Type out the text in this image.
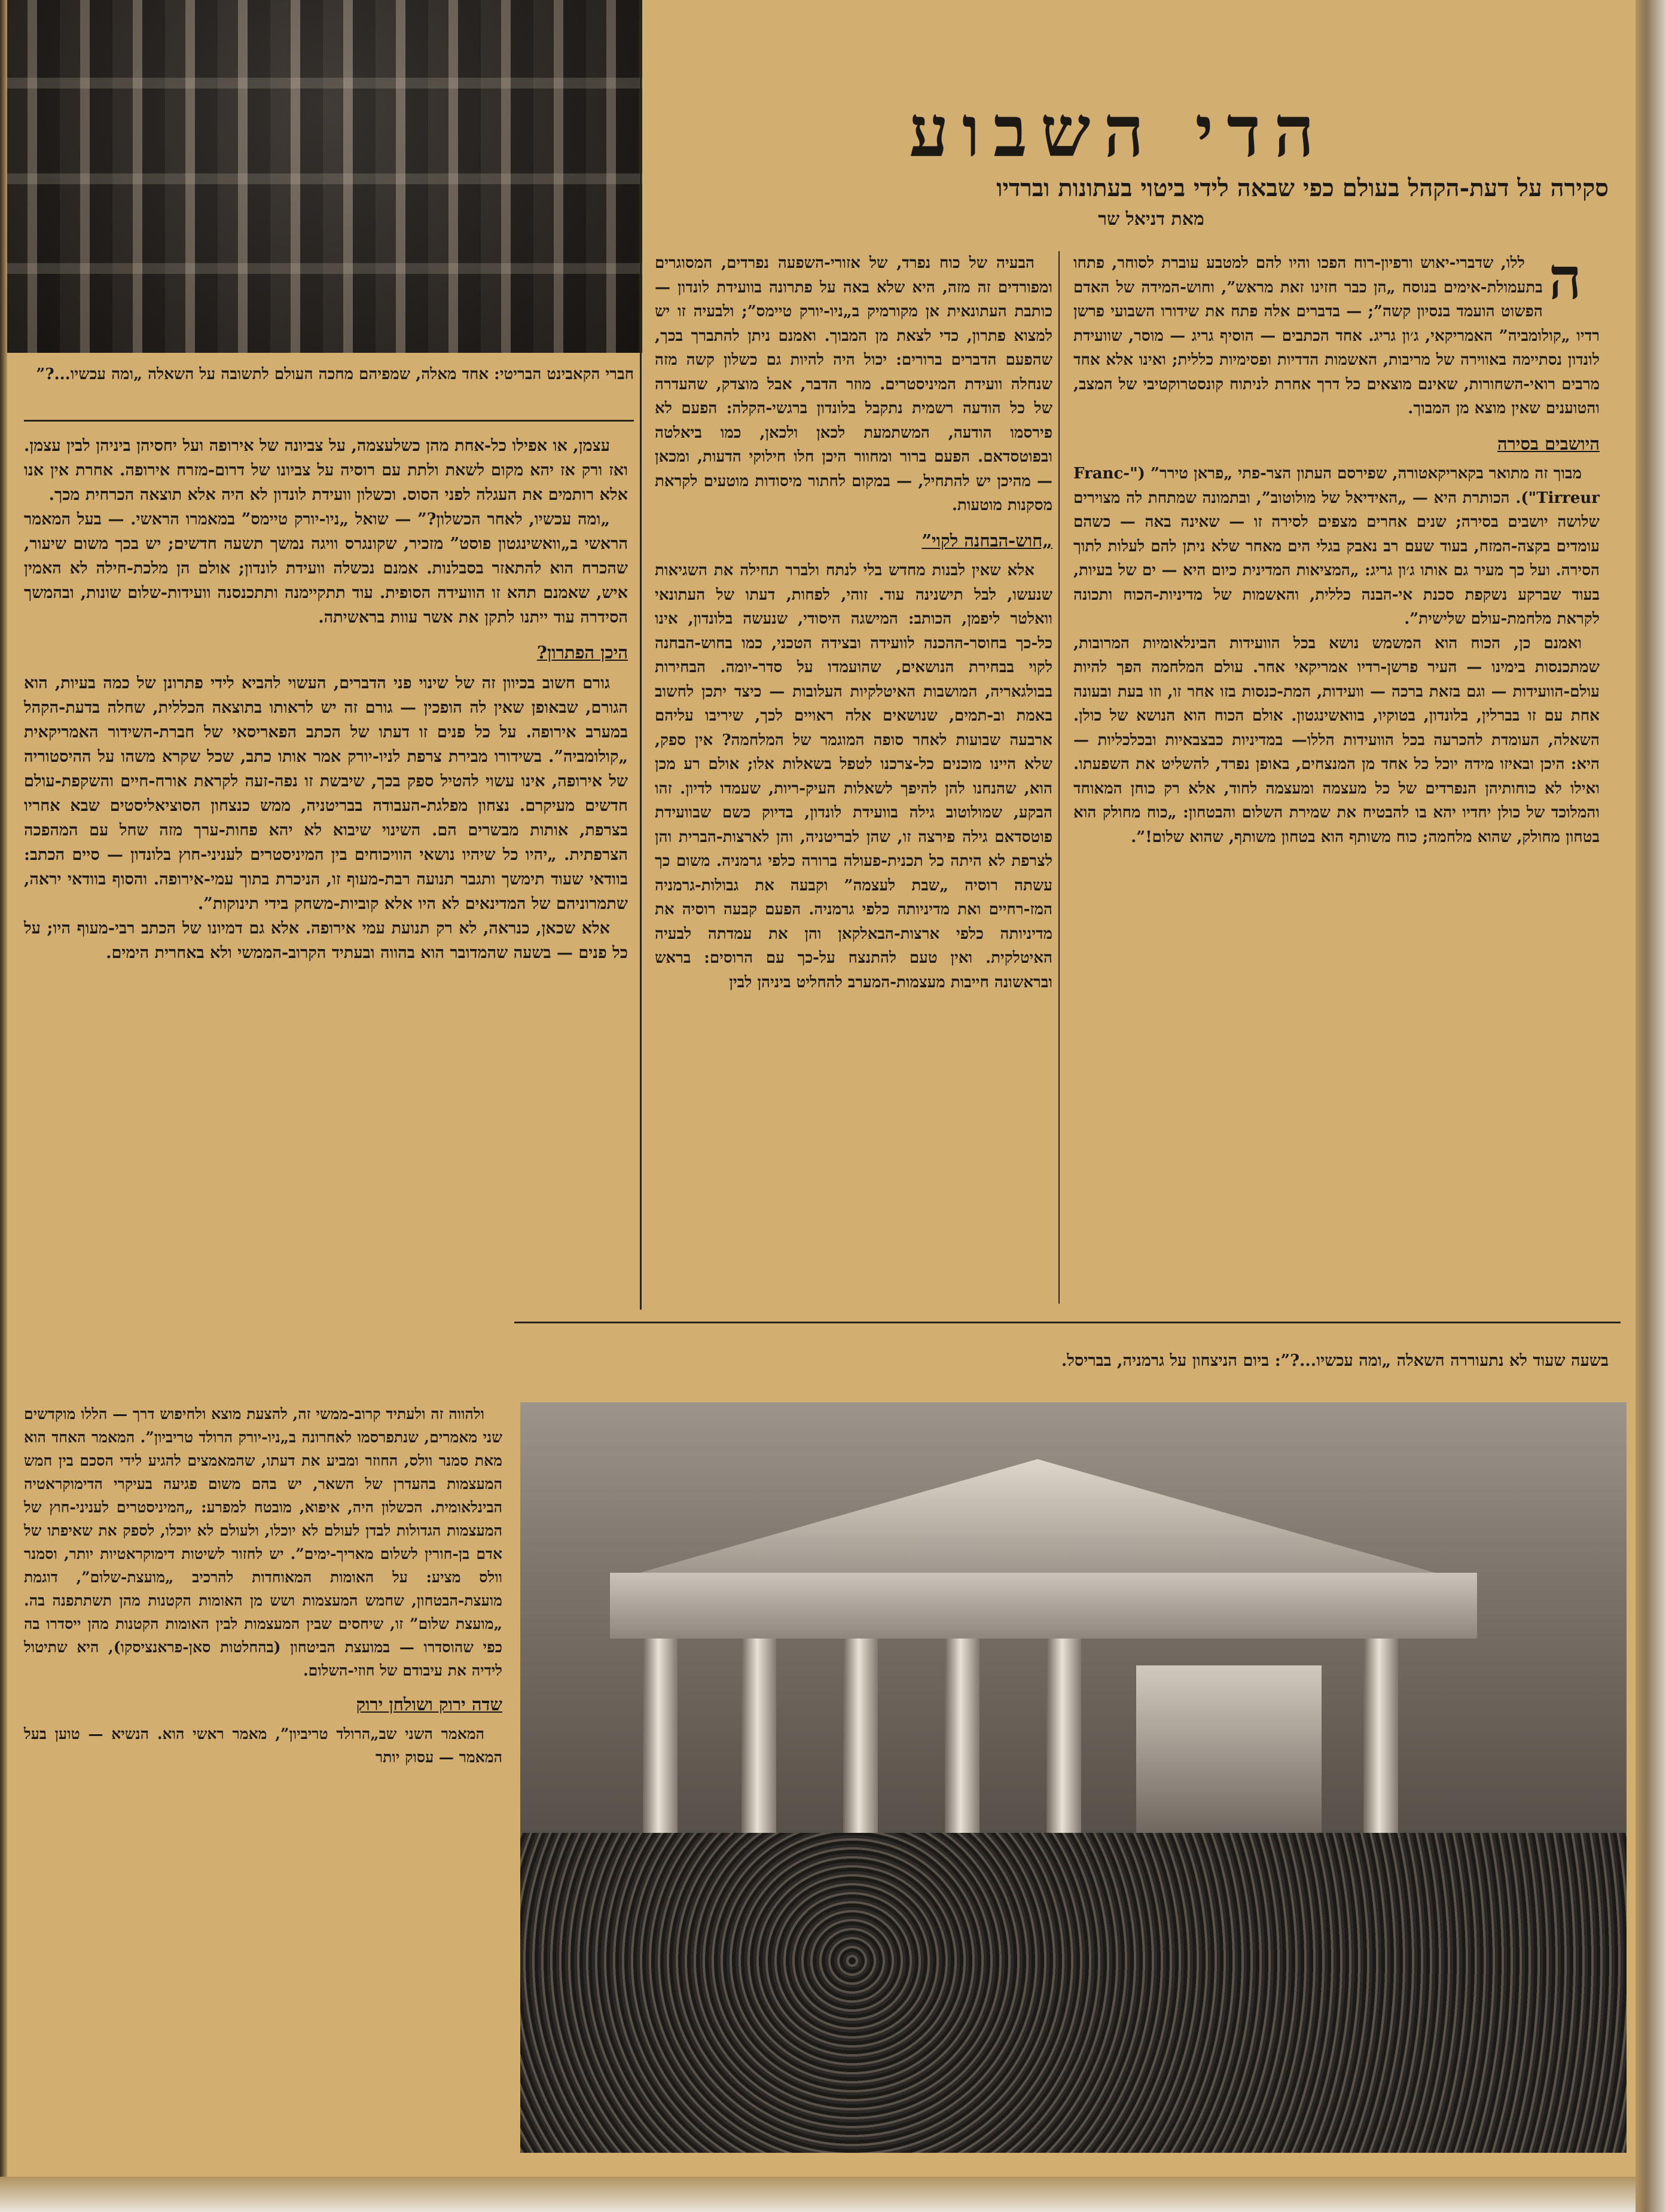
חברי הקאבינט הבריטי: אחד מאלה, שמפיהם מחכה העולם לתשובה על השאלה „ומה עכשיו...?”
הדי השבוע
סקירה על דעת-הקהל בעולם כפי שבאה לידי ביטוי בעתונות וברדיו
מאת דניאל שר

ה
ללו, שדברי-יאוש ורפיון-רוח הפכו והיו להם למטבע עוברת לסוחר, פתחו בתעמולת-אימים בנוסח „הן כבר חזינו זאת מראש”, וחוש-המידה של האדם הפשוט הועמד בנסיון קשה”; — בדברים אלה פתח את שידורו השבועי פרשן רדיו „קולומביה” האמריקאי, ג׳ון גריג. אחד הכתבים — הוסיף גריג — מוסר, שוועידת לונדון נסתיימה באווירה של מריבות, האשמות הדדיות ופסימיות כללית; ואינו אלא אחד מרבים רואי-השחורות, שאינם מוצאים כל דרך אחרת לניתוח קונסטרוקטיבי של המצב, והטוענים שאין מוצא מן המבוך.

היושבים בסירה

מבוך זה מתואר בקאריקאטורה, שפירסם העתון הצר-פתי „פראן טירר” ("Franc-Tirreur"). הכותרת היא — „האידיאל של מולוטוב”, ובתמונה שמתחת לה מצוירים שלושה יושבים בסירה; שנים אחרים מצפים לסירה זו — שאינה באה — כשהם עומדים בקצה-המזח, בעוד שעם רב נאבק בגלי הים מאחר שלא ניתן להם לעלות לתוך הסירה. ועל כך מעיר גם אותו ג׳ון גריג: „המציאות המדינית כיום היא — ים של בעיות, בעוד שברקע נשקפת סכנת אי-הבנה כללית, והאשמות של מדיניות-הכוח ותכונה לקראת מלחמת-עולם שלישית”.

ואמנם כן, הכוח הוא המשמש נושא בכל הוועידות הבינלאומיות המרובות, שמתכנסות בימינו — העיר פרשן-רדיו אמריקאי אחר. עולם המלחמה הפך להיות עולם-הוועידות — וגם בזאת ברכה — וועידות, המת-כנסות בזו אחר זו, וזו בעת ובעונה אחת עם זו בברלין, בלונדון, בטוקיו, בוואשינגטון. אולם הכוח הוא הנושא של כולן. השאלה, העומדת להכרעה בכל הוועידות הללו— במדיניות כבצבאיות ובכלכליות — היא: היכן ובאיזו מידה יוכל כל אחד מן המנצחים, באופן נפרד, להשליט את השפעתו. ואילו לא כוחותיהן הנפרדים של כל מעצמה ומעצמה לחוד, אלא רק כוחן המאוחד והמלוכד של כולן יחדיו יהא בו להבטיח את שמירת השלום והבטחון: „כוח מחולק הוא בטחון מחולק, שהוא מלחמה; כוח משותף הוא בטחון משותף, שהוא שלום!”.

הבעיה של כוח נפרד, של אזורי-השפעה נפרדים, המסוגרים ומפורדים זה מזה, היא שלא באה על פתרונה בוועידת לונדון — כותבת העתונאית אן מקורמיק ב„ניו-יורק טיימס”; ולבעיה זו יש למצוא פתרון, כדי לצאת מן המבוך. ואמנם ניתן להתברך בכך, שהפעם הדברים ברורים: יכול היה להיות גם כשלון קשה מזה שנחלה וועידת המיניסטרים. מוזר הדבר, אבל מוצדק, שהעדרה של כל הודעה רשמית נתקבל בלונדון ברגשי-הקלה: הפעם לא פירסמו הודעה, המשתמעת לכאן ולכאן, כמו ביאלטה ובפוטסדאם. הפעם ברור ומחוור היכן חלו חילוקי הדעות, ומכאן — מהיכן יש להתחיל, — במקום לחתור מיסודות מוטעים לקראת מסקנות מוטעות.

„חוש-הבחנה לקוי”

אלא שאין לבנות מחדש בלי לנתח ולברר תחילה את השגיאות שנעשו, לבל תישנינה עוד. זוהי, לפחות, דעתו של העתונאי וואלטר ליפמן, הכותב: המישגה היסודי, שנעשה בלונדון, אינו כל-כך בחוסר-ההכנה לוועידה ובצידה הטכני, כמו בחוש-הבחנה לקוי בבחירת הנושאים, שהועמדו על סדר-יומה. הבחירות בבולגאריה, המושבות האיטלקיות העלובות — כיצד יתכן לחשוב באמת וב-תמים, שנושאים אלה ראויים לכך, שיריבו עליהם ארבעה שבועות לאחר סופה המוגמר של המלחמה? אין ספק, שלא היינו מוכנים כל-צרכנו לטפל בשאלות אלו; אולם רע מכן הוא, שהנחנו להן להיפך לשאלות העיק-ריות, שעמדו לדיון. זהו הבקע, שמולוטוב גילה בוועידת לונדון, בדיוק כשם שבוועידת פוטסדאם גילה פירצה זו, שהן לבריטניה, והן לארצות-הברית והן לצרפת לא היתה כל תכנית-פעולה ברורה כלפי גרמניה. משום כך עשתה רוסיה „שבת לעצמה” וקבעה את גבולות-גרמניה המז-רחיים ואת מדיניותה כלפי גרמניה. הפעם קבעה רוסיה את מדיניותה כלפי ארצות-הבאלקאן והן את עמדתה לבעיה האיטלקית. ואין טעם להתנצח על-כך עם הרוסים: בראש ובראשונה חייבות מעצמות-המערב להחליט ביניהן לבין

עצמן, או אפילו כל-אחת מהן כשלעצמה, על צביונה של אירופה ועל יחסיהן ביניהן לבין עצמן. ואז ורק אז יהא מקום לשאת ולתת עם רוסיה על צביונו של דרום-מזרח אירופה. אחרת אין אנו אלא רותמים את העגלה לפני הסוס. וכשלון וועידת לונדון לא היה אלא תוצאה הכרחית מכך.

„ומה עכשיו, לאחר הכשלון?” — שואל „ניו-יורק טיימס” במאמרו הראשי. — בעל המאמר הראשי ב„וואשינגטון פוסט” מזכיר, שקונגרס וויגה נמשך תשעה חדשים; יש בכך משום שיעור, שהכרח הוא להתאזר בסבלנות. אמנם נכשלה וועידת לונדון; אולם הן מלכת-חילה לא האמין איש, שאמנם תהא זו הוועידה הסופית. עוד תתקיימנה ותתכנסנה וועידות-שלום שונות, ובהמשך הסידרה עוד ייתנו לתקן את אשר עוות בראשיתה.

היכן הפתרון?

גורם חשוב בכיוון זה של שינוי פני הדברים, העשוי להביא לידי פתרונן של כמה בעיות, הוא הגורם, שבאופן שאין לה הופכין — גורם זה יש לראותו בתוצאה הכללית, שחלה בדעת-הקהל במערב אירופה. על כל פנים זו דעתו של הכתב הפאריסאי של חברת-השידור האמריקאית „קולומביה”. בשידורו מבירת צרפת לניו-יורק אמר אותו כתב, שכל שקרא משהו על ההיסטוריה של אירופה, אינו עשוי להטיל ספק בכך, שיבשת זו נפה-זעה לקראת אורח-חיים והשקפת-עולם חדשים מעיקרם. נצחון מפלגת-העבודה בבריטניה, ממש כנצחון הסוציאליסטים שבא אחריו בצרפת, אותות מבשרים הם. השינוי שיבוא לא יהא פחות-ערך מזה שחל עם המהפכה הצרפתית. „יהיו כל שיהיו נושאי הוויכוחים בין המיניסטרים לעניני-חוץ בלונדון — סיים הכתב: בוודאי שעוד תימשך ותגבר תנועה רבת-מעוף זו, הניכרת בתוך עמי-אירופה. והסוף בוודאי יראה, שתמרוניהם של המדינאים לא היו אלא קוביות-משחק בידי תינוקות”.

אלא שכאן, כנראה, לא רק תנועת עמי אירופה. אלא גם דמיונו של הכתב רבי-מעוף היו; על כל פנים — בשעה שהמדובר הוא בהווה ובעתיד הקרוב-הממשי ולא באחרית הימים.

בשעה שעוד לא נתעוררה השאלה „ומה עכשיו...?”: ביום הניצחון על גרמניה, בבריסל.

ולהווה זה ולעתיד קרוב-ממשי זה, להצעת מוצא ולחיפוש דרך — הללו מוקדשים שני מאמרים, שנתפרסמו לאחרונה ב„ניו-יורק הרולד טריביון”. המאמר האחד הוא מאת סמנר וולס, החוזר ומביע את דעתו, שהמאמצים להגיע לידי הסכם בין חמש המעצמות בהעדרן של השאר, יש בהם משום פגיעה בעיקרי הדימוקראטיה הבינלאומית. הכשלון היה, איפוא, מובטח למפרע: „המיניסטרים לעניני-חוץ של המעצמות הגדולות לבדן לעולם לא יוכלו, ולעולם לא יוכלו, לספק את שאיפתו של אדם בן-חורין לשלום מאריך-ימים”. יש לחזור לשיטות דימוקראטיות יותר, וסמנר וולס מציע: על האומות המאוחדות להרכיב „מועצת-שלום”, דוגמת מועצת-הבטחון, שחמש המעצמות ושש מן האומות הקטנות מהן תשתתפנה בה. „מועצת שלום” זו, שיחסים שבין המעצמות לבין האומות הקטנות מהן ייסדרו בה כפי שהוסדרו — במועצת הביטחון (בהחלטות סאן-פראנציסקו), היא שתיטול לידיה את עיבודם של חוזי-השלום.

שדה ירוק ושולחן ירוק

המאמר השני שב„הרולד טריביון”, מאמר ראשי הוא. הנשיא — טוען בעל המאמר — עסוק יותר
